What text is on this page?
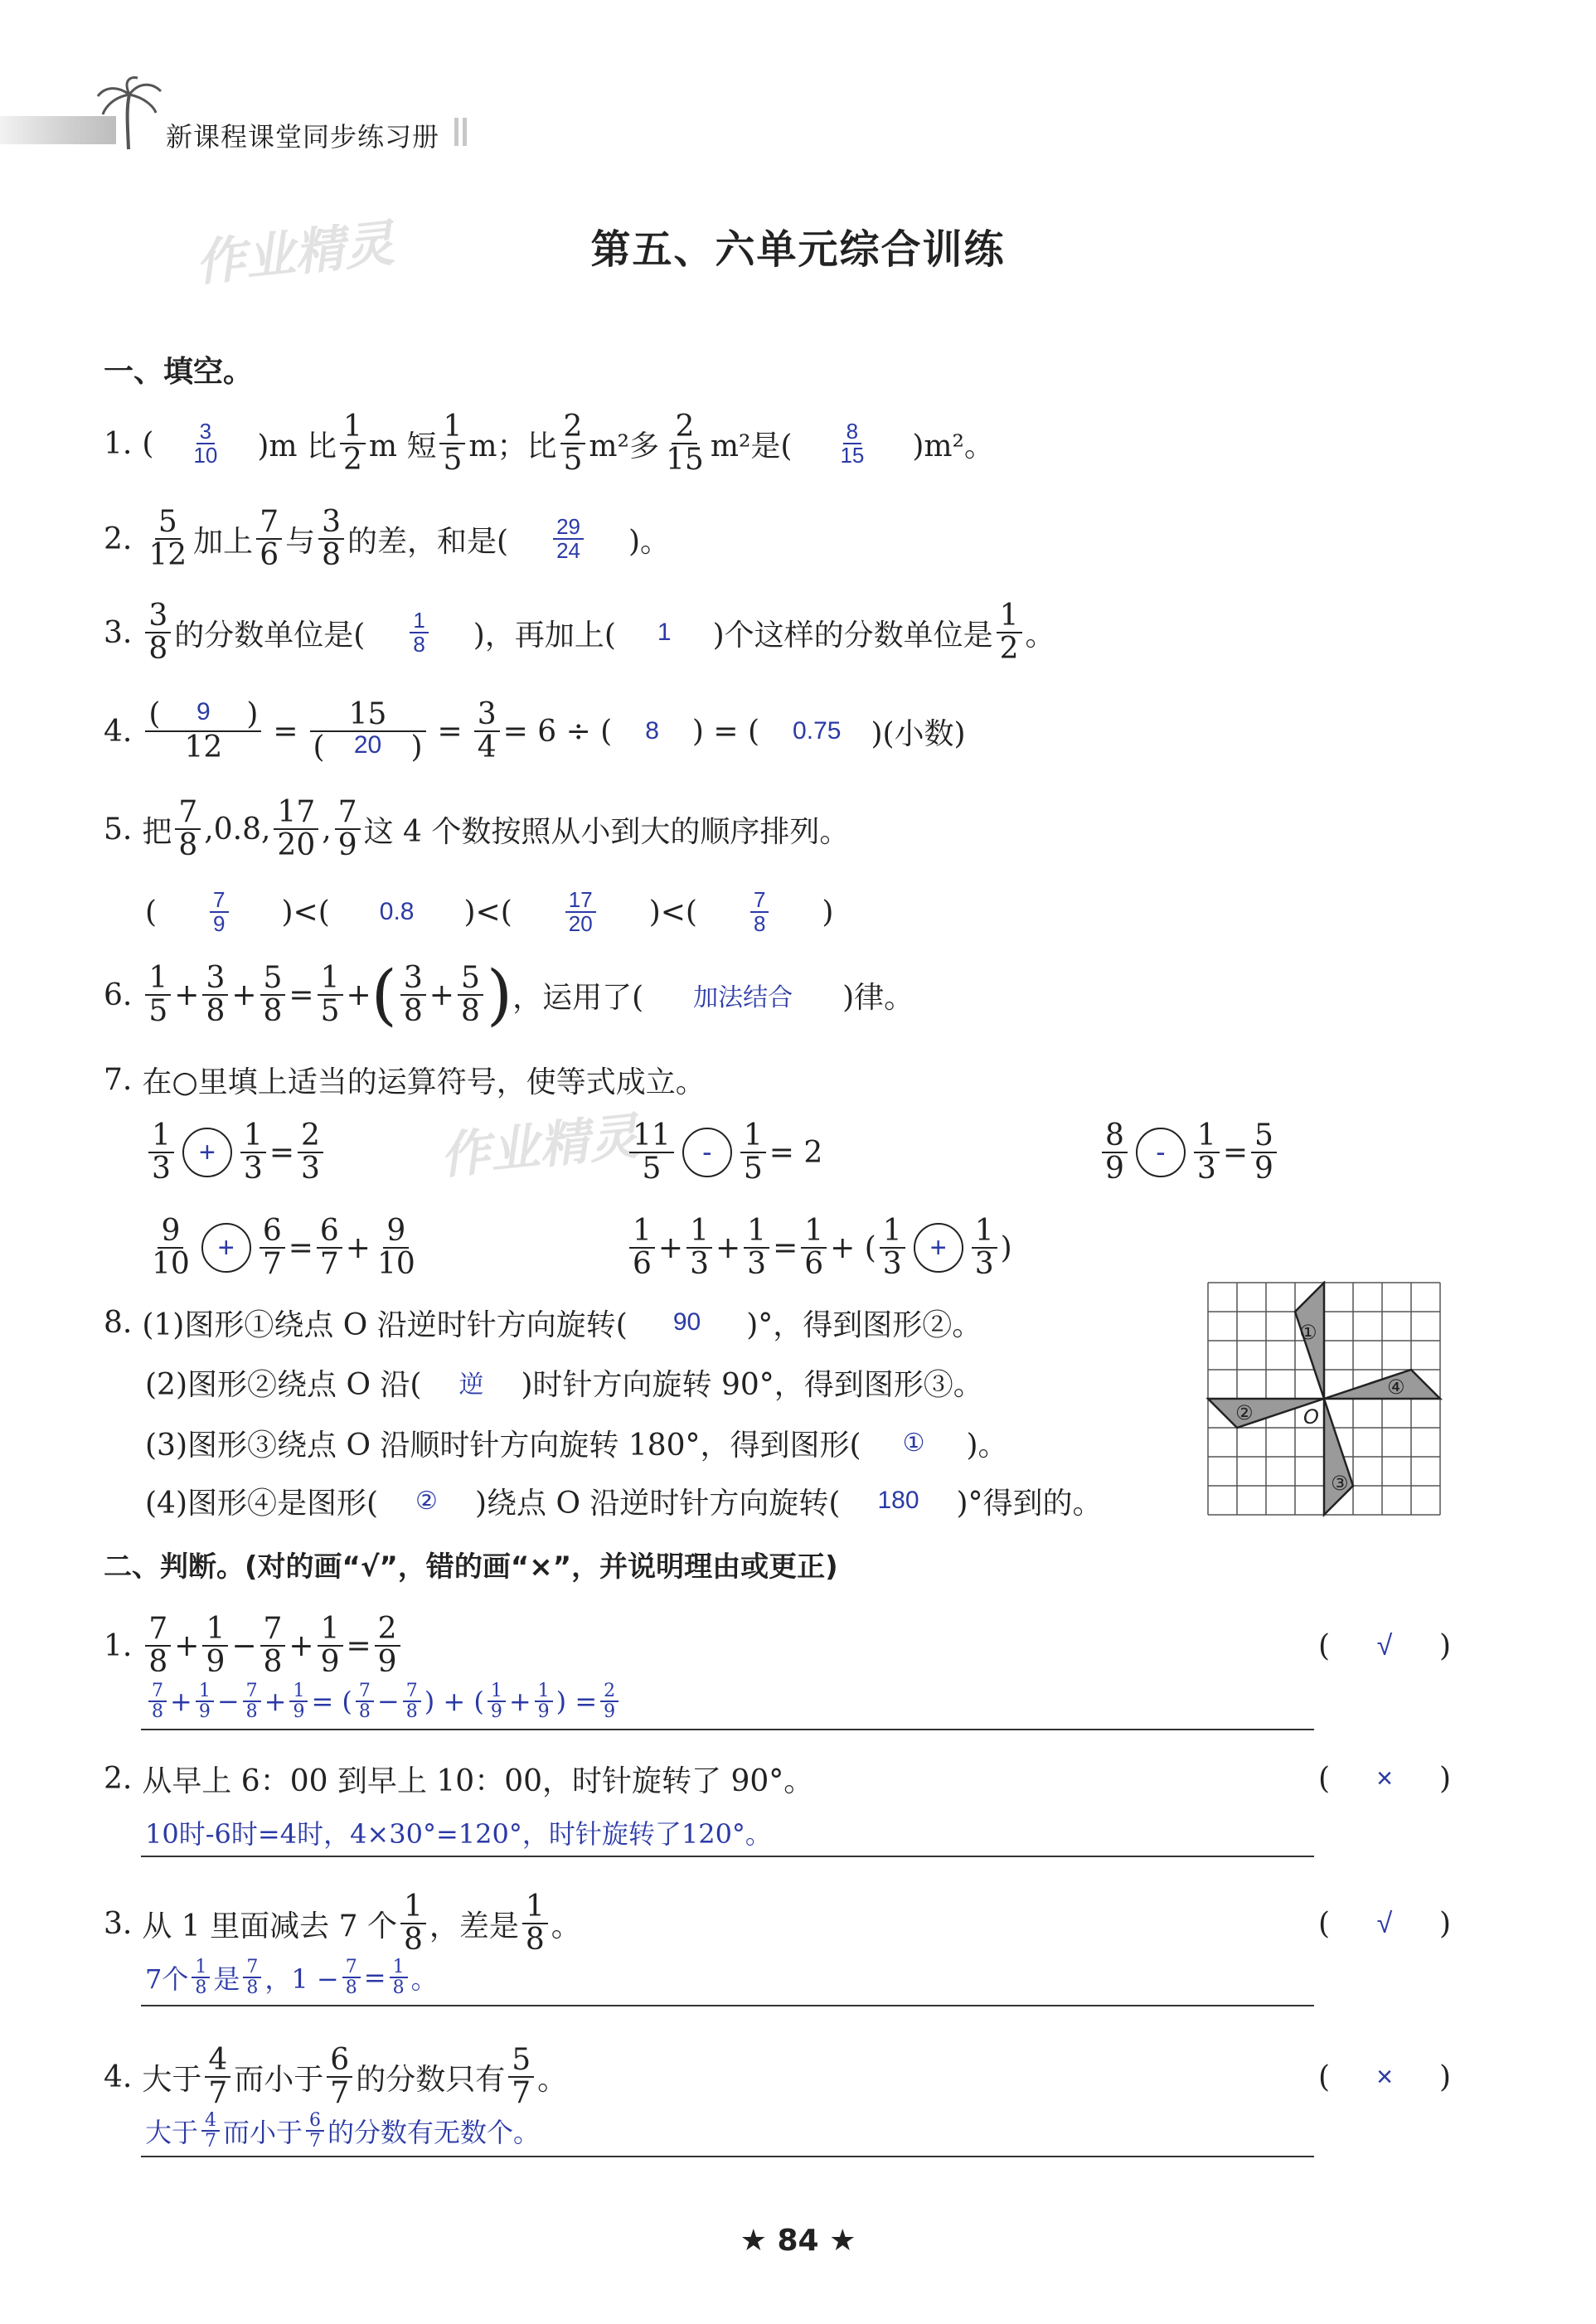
新课程课堂同步练习册
作业精灵
作业精灵
第五、六单元综合训练
一、填空。
1. ( $\frac{3}{10} )m$ 比 $\frac{1}{2}$ m 短 $\frac{1}{5}$ m；比 $\frac{2}{5} m^2$多 $\frac{2}{15} m^2$是( $\frac{8}{15} )m^2$。
2. $\frac{5}{12}$ 加上 $\frac{7}{6}$ 与 $\frac{3}{8}$ 的差，和是( $\frac{29}{24}$ )。
3. $\frac{3}{8}$ 的分数单位是( $\frac{1}{8}$ )，再加上( 1 )个这样的分数单位是 $\frac{1}{2}$ 。
4. $\frac{( 9 )}{12} = \frac{15}{( 20 )} = \frac{3}{4} = 6$ ÷ ( 8 ) = ( 0.75 )(小数)
5. 把 $\frac{7}{8} ,0.8$, $\frac{17}{20}$ , $\frac{7}{9}$ 这 4 个数按照从小到大的顺序排列。
( $\frac{7}{9}$ )<( 0.8 )<( $\frac{17}{20}$ )<( $\frac{7}{8}$ )
6. $\frac{1}{5} + \frac{3}{8} + \frac{5}{8} = \frac{1}{5}$ + ( $\frac{3}{8} + \frac{5}{8}$ ) ，运用了( 加法结合 )律。
7. 在○里填上适当的运算符号，使等式成立。
$\frac{1}{3} + \frac{1}{3} = \frac{2}{3}$	$\frac{11}{5}$	- $\frac{1}{5} = 2$	$\frac{8}{9}$	- $\frac{1}{3} = \frac{5}{9}$
$\frac{9}{10} + \frac{6}{7} = \frac{6}{7} + \frac{9}{10}$	$\frac{1}{6} + \frac{1}{3} + \frac{1}{3} = \frac{1}{6}$ + ( $\frac{1}{3} + \frac{1}{3}$ )
8. (1)图形①绕点 O 沿逆时针方向旋转( 90 )°，得到图形②。
(2)图形②绕点 O 沿( 逆 )时针方向旋转 90°，得到图形③。
(3)图形③绕点 O 沿顺时针方向旋转 180°，得到图形( ① )。
(4)图形④是图形( ② )绕点 O 沿逆时针方向旋转( 180 )°得到的。
①
②
③
④
O
二、判断。(对的画“√”，错的画“×”，并说明理由或更正)
1. $\frac{7}{8} + \frac{1}{9} - \frac{7}{8} + \frac{1}{9} = \frac{2}{9}$	( √ )
$\frac{7}{8} + \frac{1}{9} - \frac{7}{8} + \frac{1}{9}$ = ( $\frac{7}{8} - \frac{7}{8}$ ) + ( $\frac{1}{9} + \frac{1}{9}$ ) = $\frac{2}{9}$
2. 从早上 6：00 到早上 10：00，时针旋转了 90°。	( × )
10时-6时=4时，4×30°=120°，时针旋转了120°。
3. 从 1 里面减去 7 个 $\frac{1}{8}$ ，差是 $\frac{1}{8}$ 。	( √ )
7个 $\frac{1}{8}$ 是 $\frac{7}{8}$ ，$1 - \frac{7}{8} = \frac{1}{8}$ 。
4. 大于 $\frac{4}{7}$ 而小于 $\frac{6}{7}$ 的分数只有 $\frac{5}{7}$ 。	( × )
大于 $\frac{4}{7}$ 而小于 $\frac{6}{7}$ 的分数有无数个。
★ 84 ★
